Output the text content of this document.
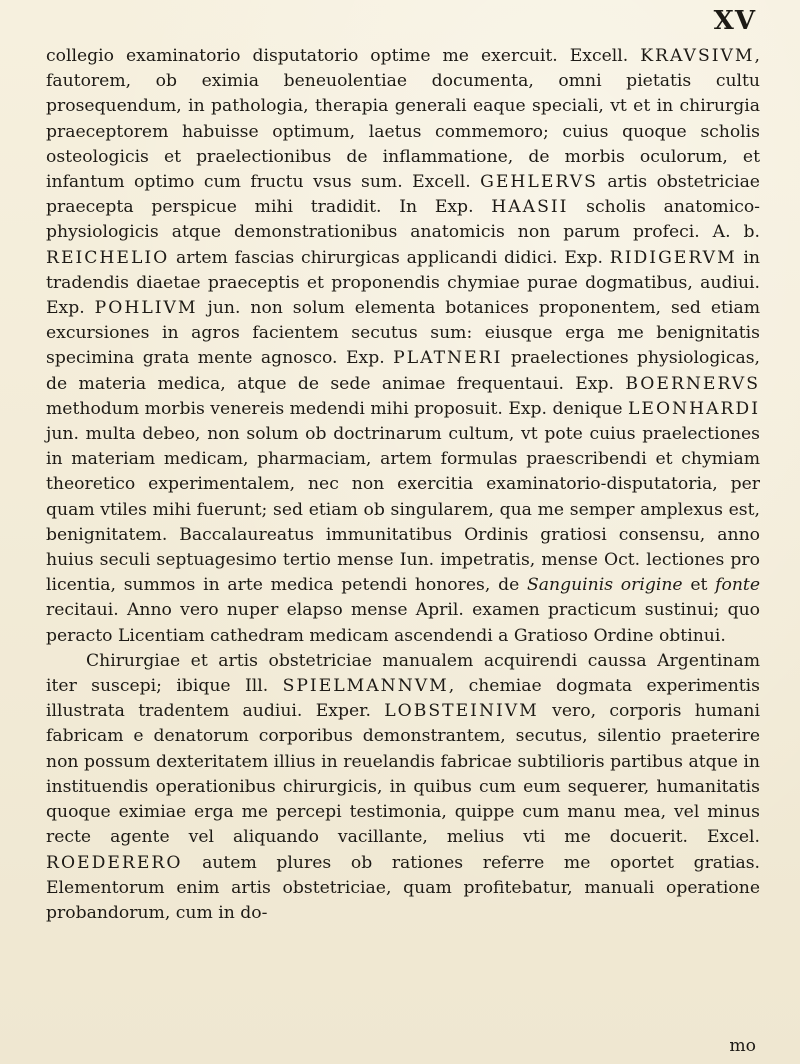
XV

collegio examinatorio disputatorio optime me exercuit. Excell. KRAVSIVM, fautorem, ob eximia beneuolentiae documenta, omni pietatis cultu prosequendum, in pathologia, therapia generali eaque speciali, vt et in chirurgia praeceptorem habuisse optimum, laetus commemoro; cuius quoque scholis osteologicis et praelectionibus de inflammatione, de morbis oculorum, et infantum optimo cum fructu vsus sum. Excell. GEHLERVS artis obstetriciae praecepta perspicue mihi tradidit. In Exp. HAASII scholis anatomico-physiologicis atque demonstrationibus anatomicis non parum profeci. A. b. REICHELIO artem fascias chirurgicas applicandi didici. Exp. RIDIGERVM in tradendis diaetae praeceptis et proponendis chymiae purae dogmatibus, audiui. Exp. POHLIVM jun. non solum elementa botanices proponentem, sed etiam excursiones in agros facientem secutus sum: eiusque erga me benignitatis specimina grata mente agnosco. Exp. PLATNERI praelectiones physiologicas, de materia medica, atque de sede animae frequentaui. Exp. BOERNERVS methodum morbis venereis medendi mihi proposuit. Exp. denique LEONHARDI jun. multa debeo, non solum ob doctrinarum cultum, vt pote cuius praelectiones in materiam medicam, pharmaciam, artem formulas praescribendi et chymiam theoretico experimentalem, nec non exercitia examinatorio-disputatoria, per quam vtiles mihi fuerunt; sed etiam ob singularem, qua me semper amplexus est, benignitatem. Baccalaureatus immunitatibus Ordinis gratiosi consensu, anno huius seculi septuagesimo tertio mense Iun. impetratis, mense Oct. lectiones pro licentia, summos in arte medica petendi honores, de Sanguinis origine et fonte recitaui. Anno vero nuper elapso mense April. examen practicum sustinui; quo peracto Licentiam cathedram medicam ascendendi a Gratioso Ordine obtinui.

Chirurgiae et artis obstetriciae manualem acquirendi caussa Argentinam iter suscepi; ibique Ill. SPIELMANNVM, chemiae dogmata experimentis illustrata tradentem audiui. Exper. LOBSTEINIVM vero, corporis humani fabricam e denatorum corporibus demonstrantem, secutus, silentio praeterire non possum dexteritatem illius in reuelandis fabricae subtilioris partibus atque in instituendis operationibus chirurgicis, in quibus cum eum sequerer, humanitatis quoque eximiae erga me percepi testimonia, quippe cum manu mea, vel minus recte agente vel aliquando vacillante, melius vti me docuerit. Excel. ROEDERERO autem plures ob rationes referre me oportet gratias. Elementorum enim artis obstetriciae, quam profitebatur, manuali operatione probandorum, cum in do-

mo
